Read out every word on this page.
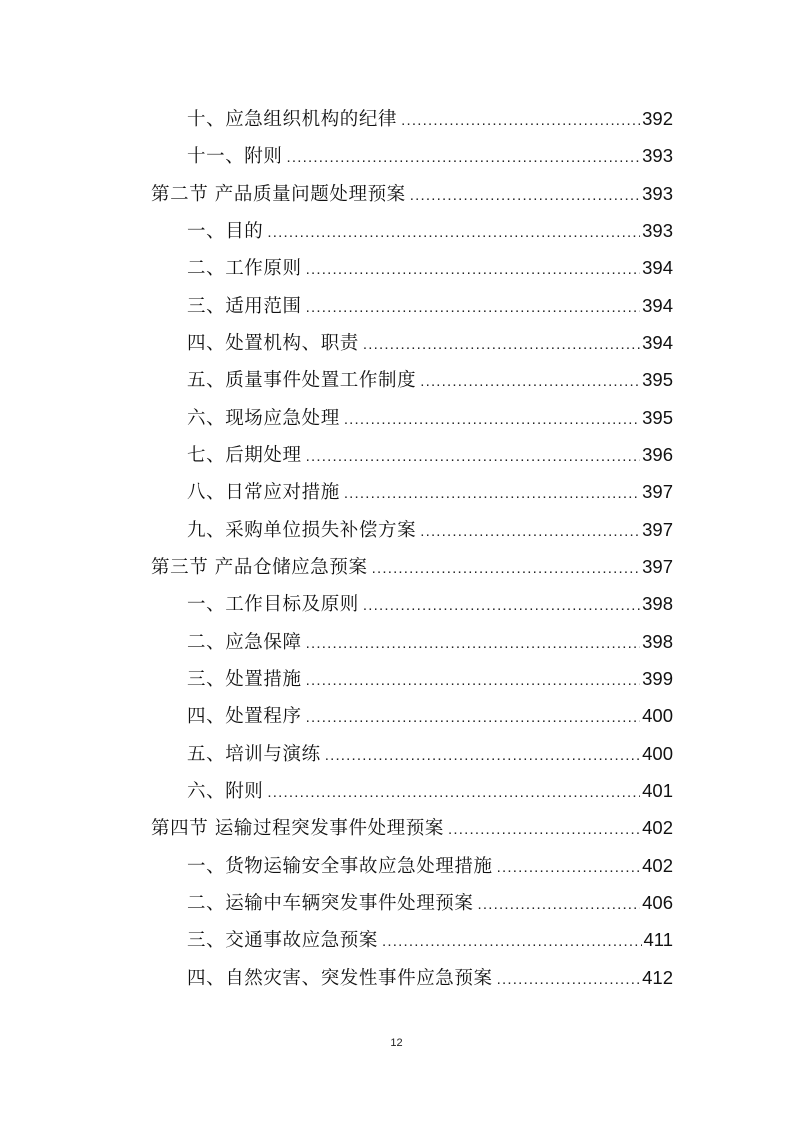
十、应急组织机构的纪律 .....	392
十一、附则 .....	393
第二节 产品质量问题处理预案 .....	393
一、目的 .....	393
二、工作原则 .....	394
三、适用范围 .....	394
四、处置机构、职责 .....	394
五、质量事件处置工作制度 .....	395
六、现场应急处理 .....	395
七、后期处理 .....	396
八、日常应对措施 .....	397
九、采购单位损失补偿方案 .....	397
第三节 产品仓储应急预案 .....	397
一、工作目标及原则 .....	398
二、应急保障 .....	398
三、处置措施 .....	399
四、处置程序 .....	400
五、培训与演练 .....	400
六、附则 .....	401
第四节 运输过程突发事件处理预案 .....	402
一、货物运输安全事故应急处理措施 .....	402
二、运输中车辆突发事件处理预案 .....	406
三、交通事故应急预案 .....	411
四、自然灾害、突发性事件应急预案 .....	412
12
